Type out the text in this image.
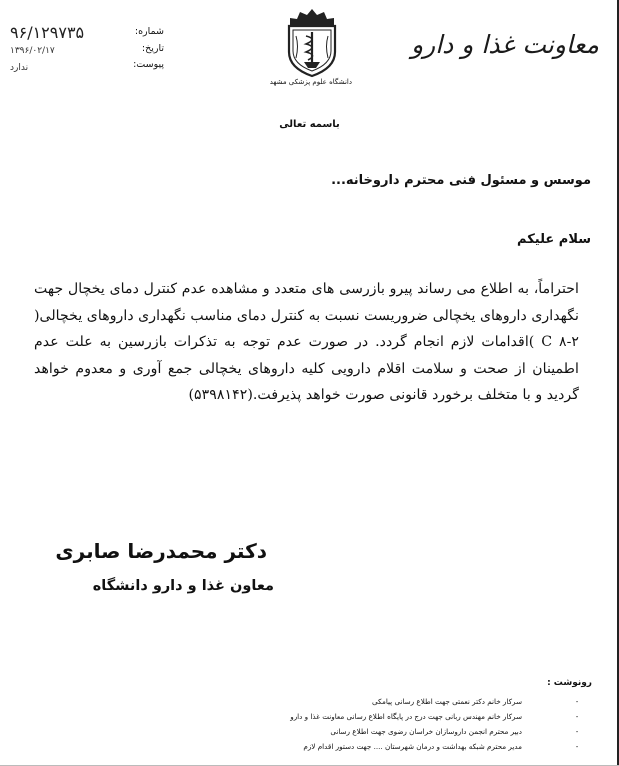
معاونت غذا و دارو
دانشگاه علوم پزشکی مشهد
شماره:
تاریخ:
پیوست:
۹۶/۱۲۹۷۳۵
۱۳۹۶/۰۲/۱۷
ندارد
باسمه تعالی
موسس و مسئول فنی محترم داروخانه...
سلام علیکم
احتراماً، به اطلاع می رساند پیرو بازرسی های متعدد و مشاهده عدم کنترل دمای یخچال جهت نگهداری داروهای یخچالی ضروریست نسبت به کنترل دمای مناسب نگهداری داروهای یخچالی( C ۸-۲ )اقدامات لازم انجام گردد. در صورت عدم توجه به تذکرات بازرسین به علت عدم اطمینان از صحت و سلامت اقلام دارویی کلیه داروهای یخچالی جمع آوری و معدوم خواهد گردید و با متخلف برخورد قانونی صورت خواهد پذیرفت.(۵۳۹۸۱۴۲)
دکتر محمدرضا صابری
معاون غذا و دارو دانشگاه
رونوشت :
-
سرکار خانم دکتر نعمتی جهت اطلاع رسانی پیامکی
-
سرکار خانم مهندس ربانی جهت درج در پایگاه اطلاع رسانی معاونت غذا و دارو
-
دبیر محترم انجمن داروسازان خراسان رضوی جهت اطلاع رسانی
-
مدیر محترم شبکه بهداشت و درمان شهرستان .... جهت دستور اقدام لازم
